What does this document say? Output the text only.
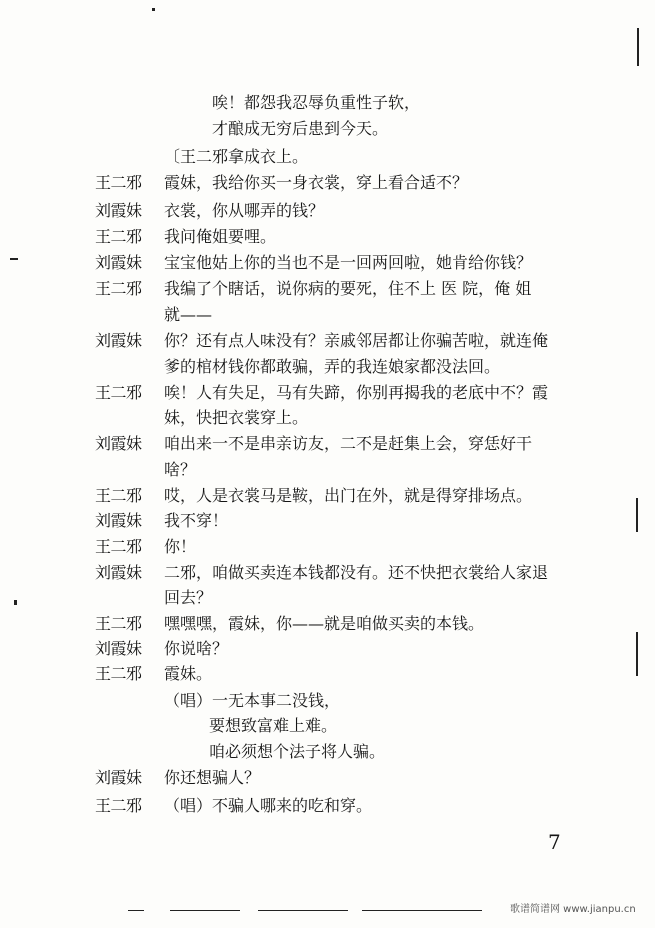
唉！都怨我忍辱负重性子软，
才酿成无穷后患到今天。
〔王二邪拿成衣上。
王二邪	霞妹，我给你买一身衣裳，穿上看合适不？
刘霞妹	衣裳，你从哪弄的钱？
王二邪	我问俺姐要哩。
刘霞妹	宝宝他姑上你的当也不是一回两回啦，她肯给你钱？
王二邪	我编了个瞎话，说你病的要死，住不上 医 院，俺 姐
就——
刘霞妹	你？还有点人味没有？亲戚邻居都让你骗苦啦，就连俺
爹的棺材钱你都敢骗，弄的我连娘家都没法回。
王二邪	唉！人有失足，马有失蹄，你别再揭我的老底中不？霞
妹，快把衣裳穿上。
刘霞妹	咱出来一不是串亲访友，二不是赶集上会，穿恁好干
啥？
王二邪	哎，人是衣裳马是鞍，出门在外，就是得穿排场点。
刘霞妹	我不穿！
王二邪	你！
刘霞妹	二邪，咱做买卖连本钱都没有。还不快把衣裳给人家退
回去？
王二邪	嘿嘿嘿，霞妹，你——就是咱做买卖的本钱。
刘霞妹	你说啥？
王二邪	霞妹。
（唱）一无本事二没钱，
要想致富难上难。
咱必须想个法子将人骗。
刘霞妹	你还想骗人？
王二邪	（唱）不骗人哪来的吃和穿。
7
歌谱简谱网 www.jianpu.cn
